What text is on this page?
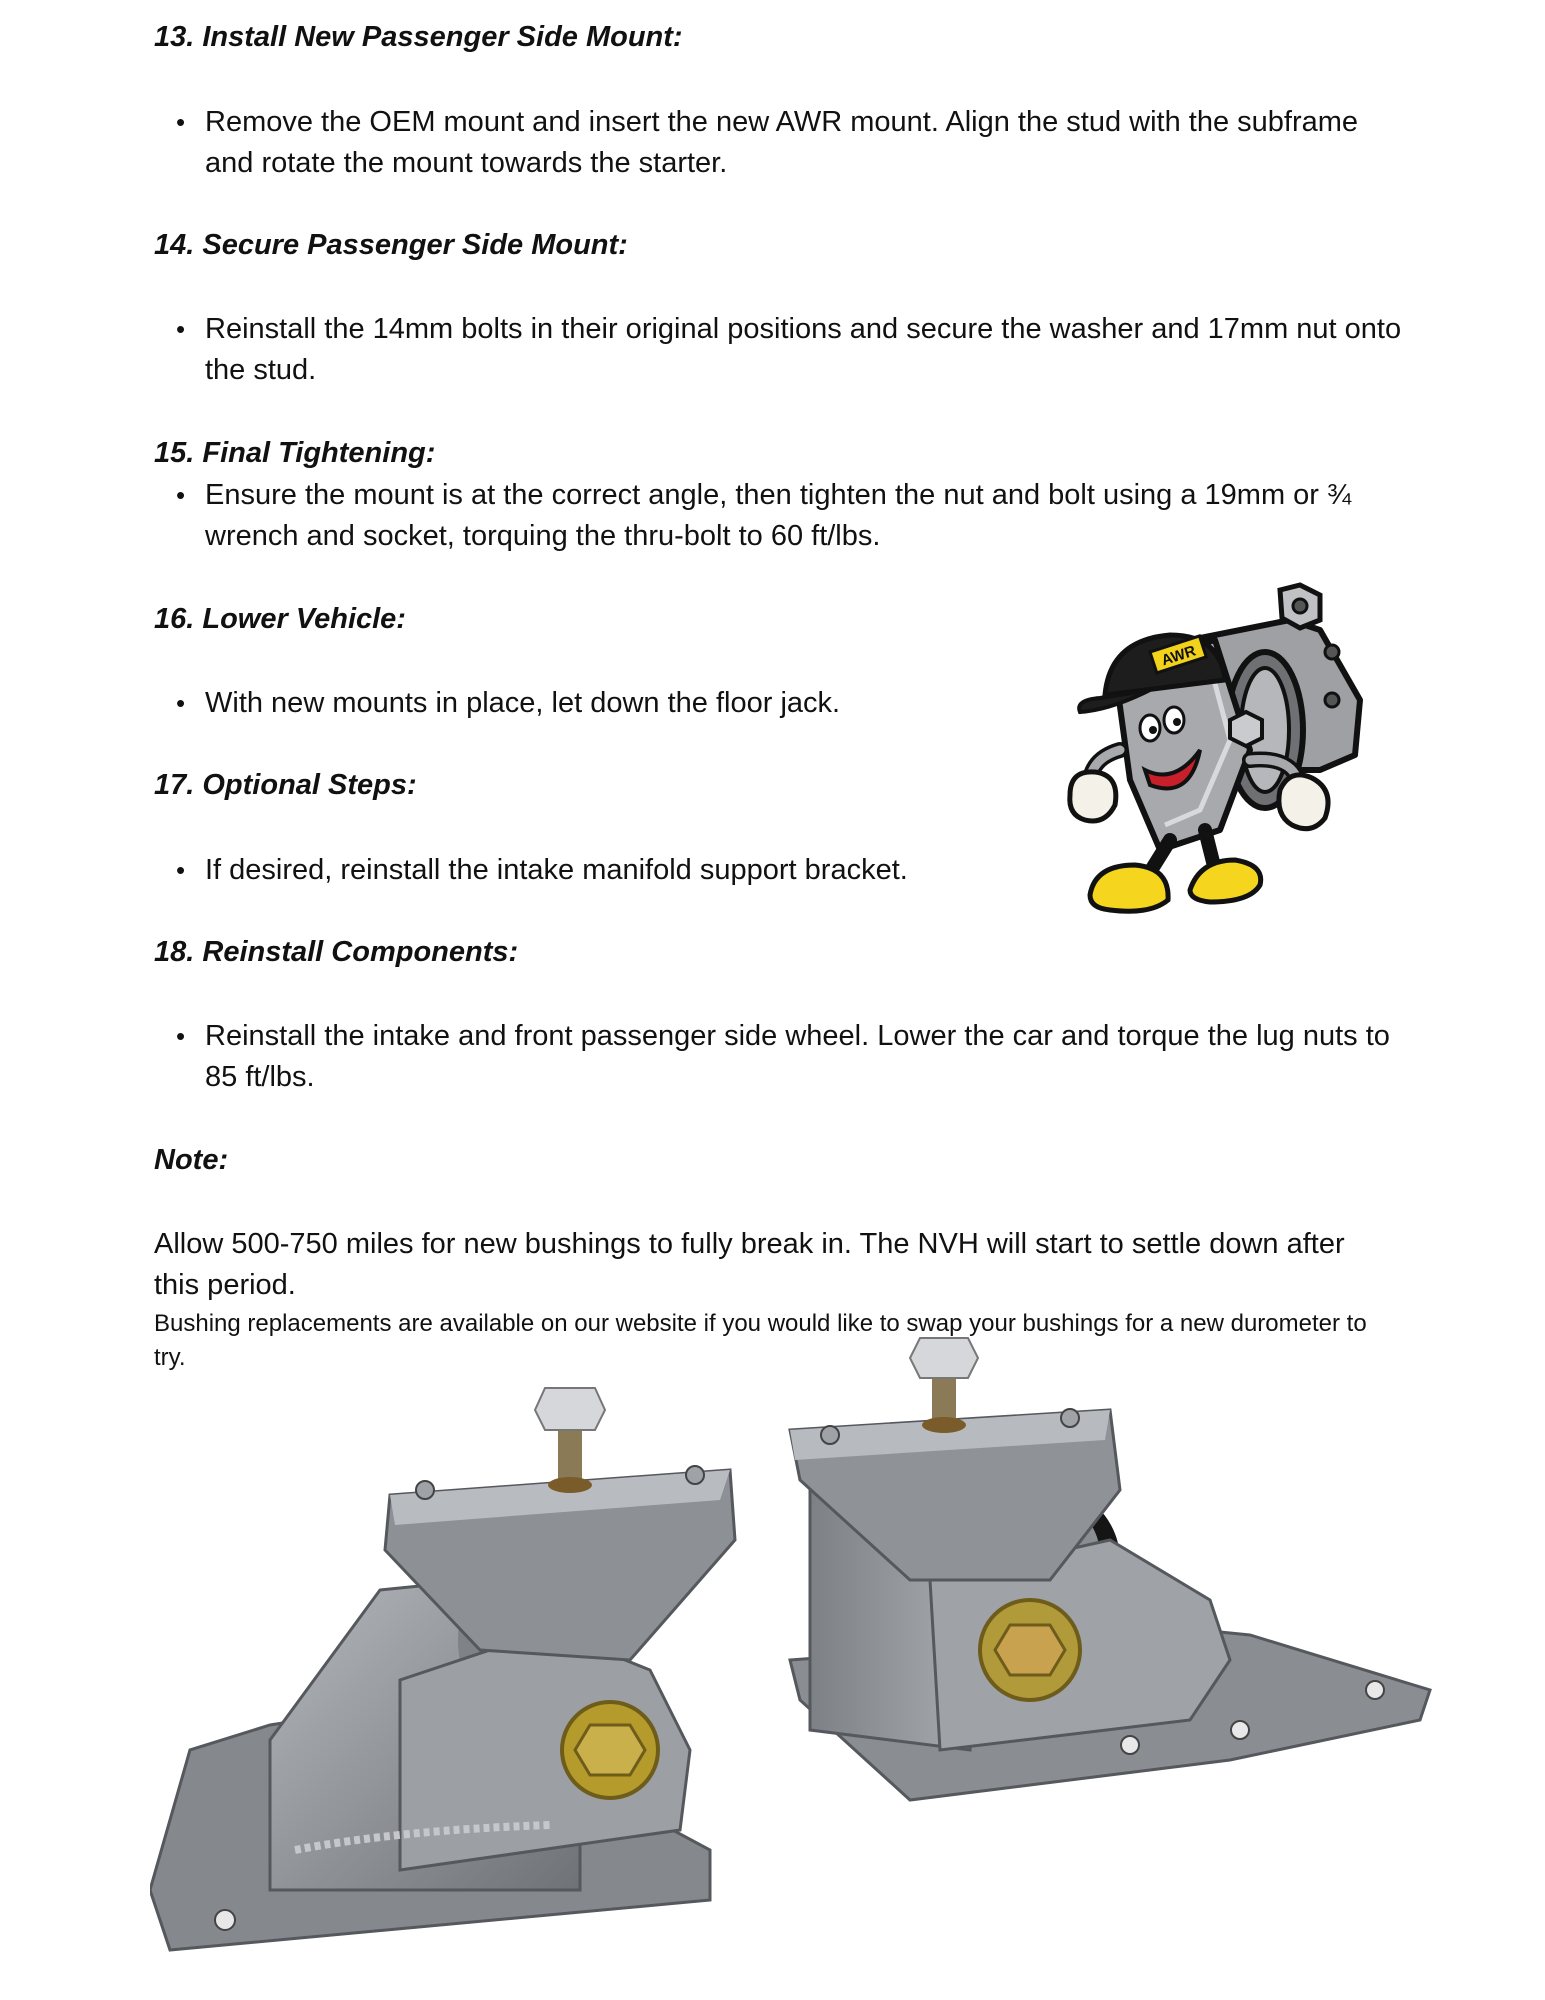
13. Install New Passenger Side Mount:

• Remove the OEM mount and insert the new AWR mount. Align the stud with the subframe and rotate the mount towards the starter.

14. Secure Passenger Side Mount:

• Reinstall the 14mm bolts in their original positions and secure the washer and 17mm nut onto the stud.

15. Final Tightening:

• Ensure the mount is at the correct angle, then tighten the nut and bolt using a 19mm or ¾ wrench and socket, torquing the thru-bolt to 60 ft/lbs.

16. Lower Vehicle:

• With new mounts in place, let down the floor jack.

17. Optional Steps:

• If desired, reinstall the intake manifold support bracket.

18. Reinstall Components:

• Reinstall the intake and front passenger side wheel. Lower the car and torque the lug nuts to 85 ft/lbs.

Note:

Allow 500-750 miles for new bushings to fully break in. The NVH will start to settle down after this period.

Bushing replacements are available on our website if you would like to swap your bushings for a new durometer to try.

AWR
